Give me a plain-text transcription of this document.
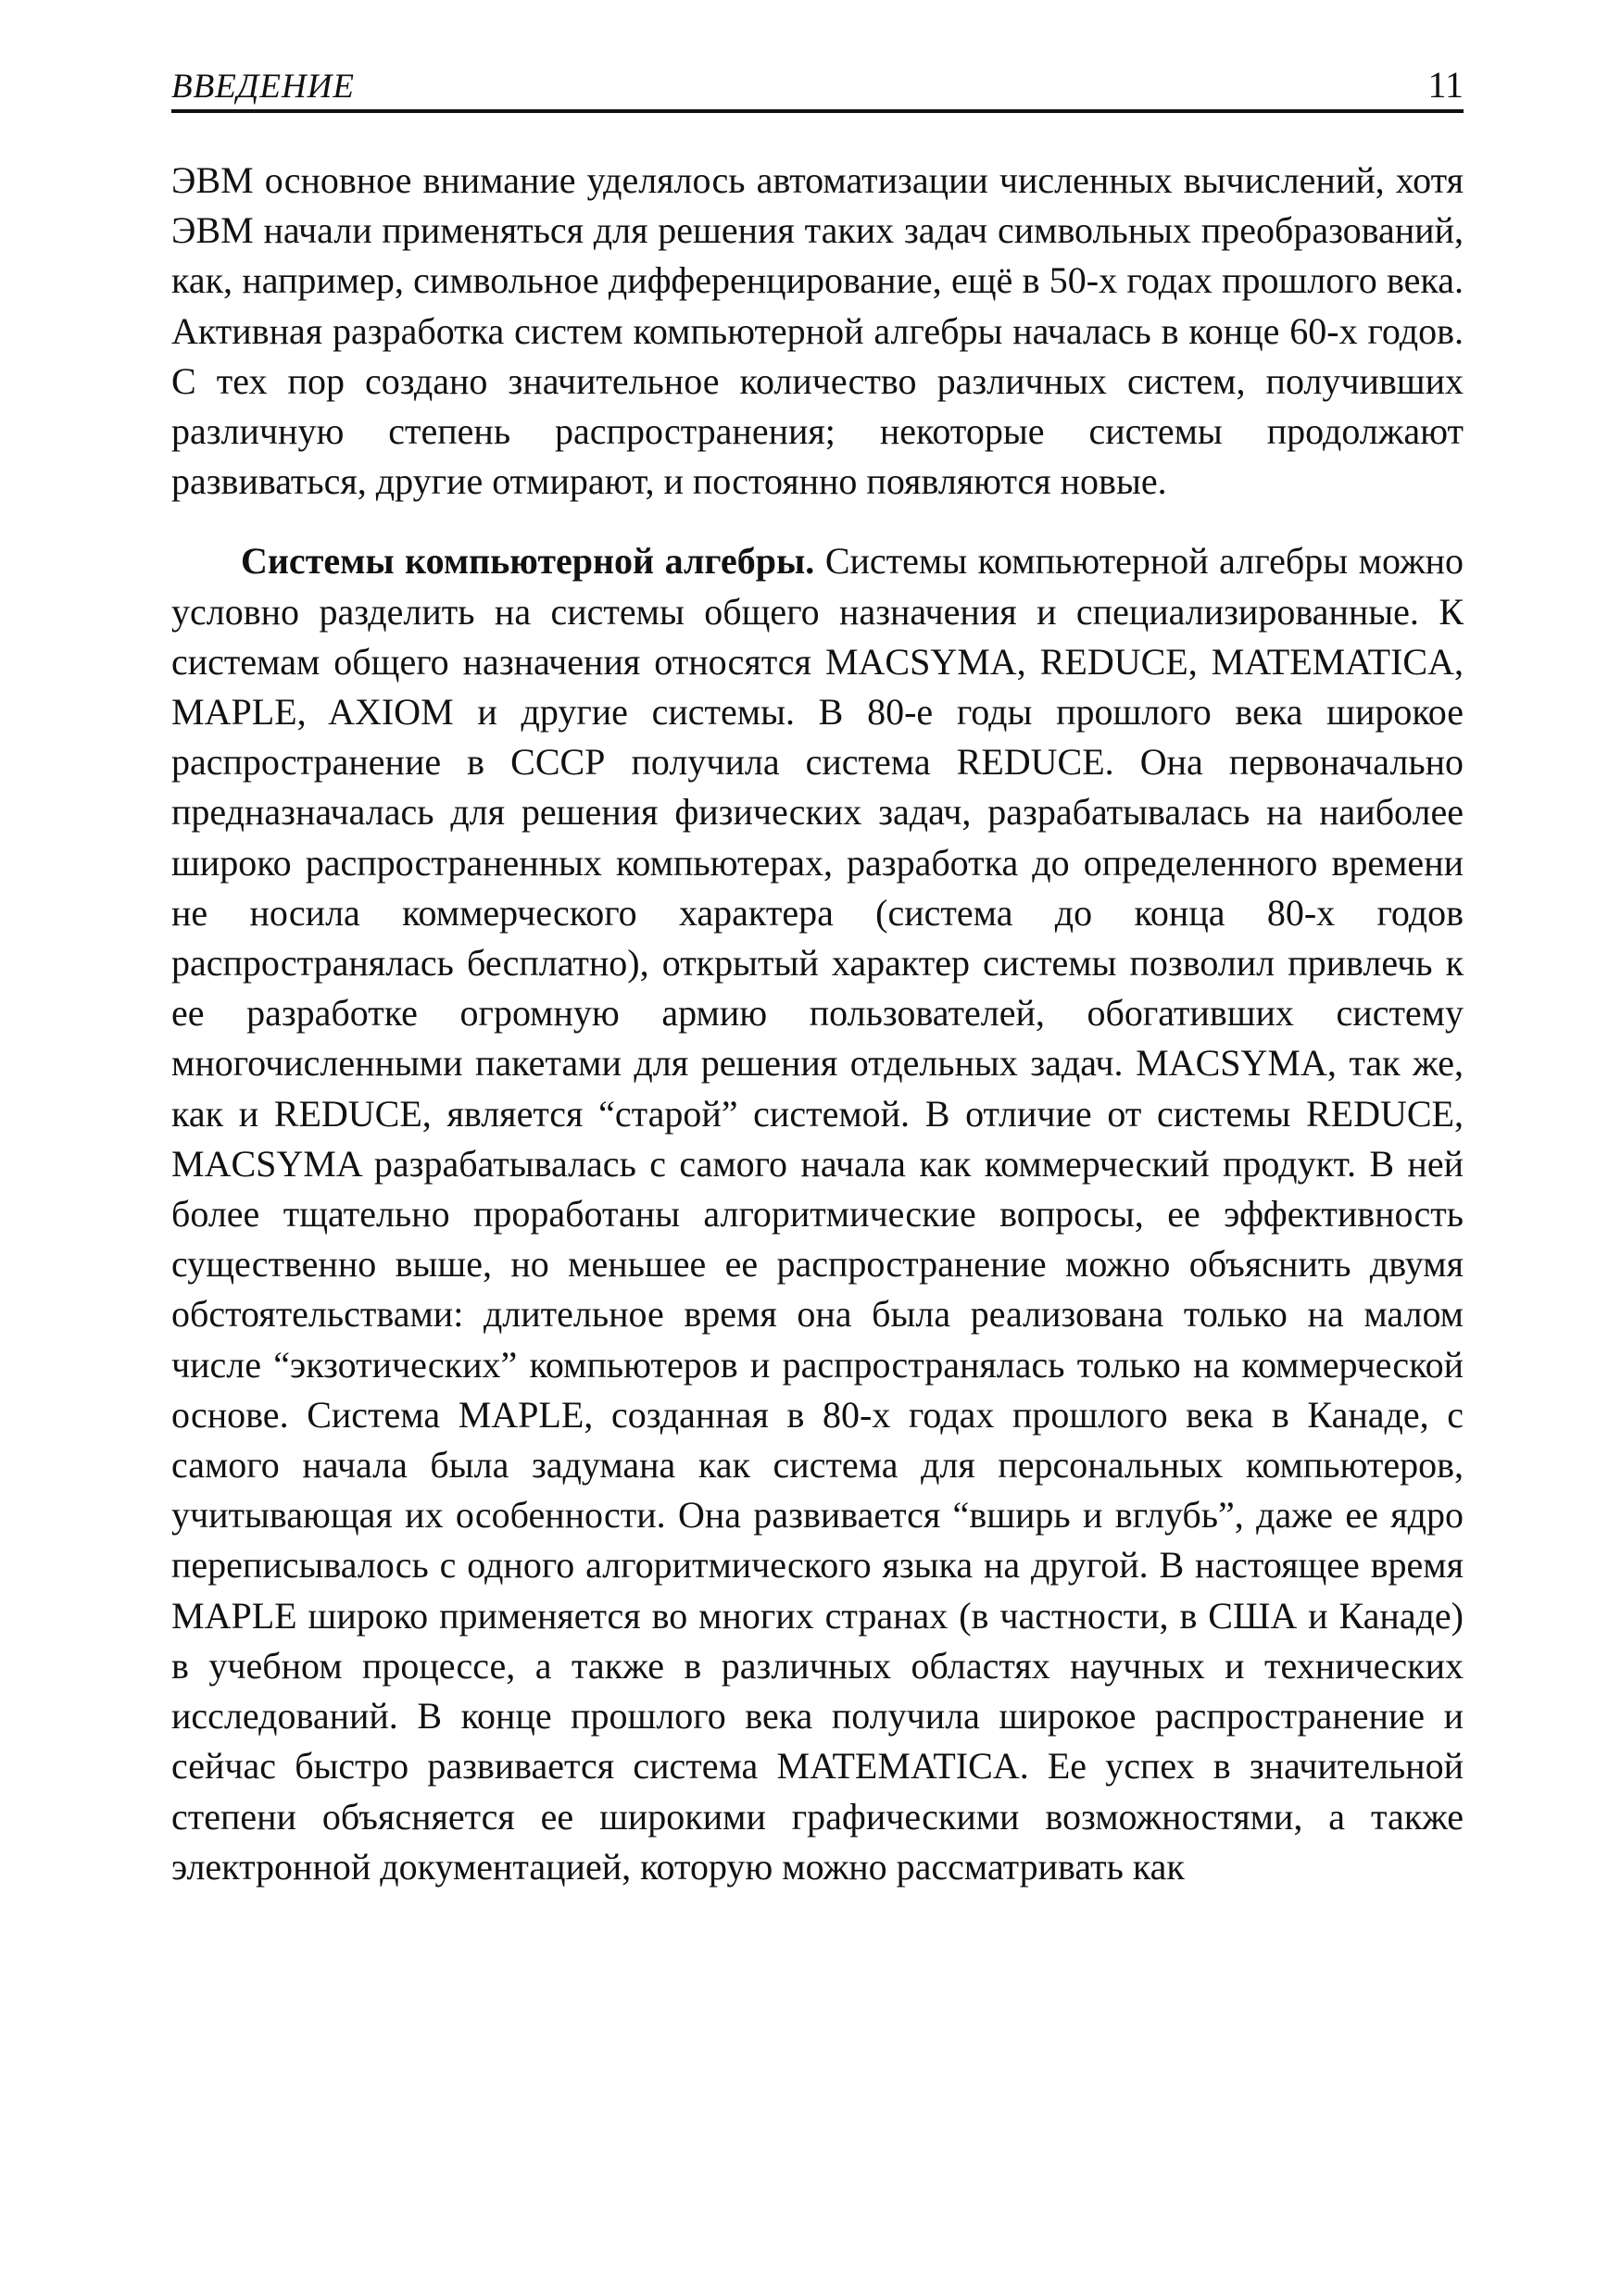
ВВЕДЕНИЕ	11

ЭВМ основное внимание уделялось автоматизации численных вычислений, хотя ЭВМ начали применяться для решения таких задач символьных преобразований, как, например, символьное дифференцирование, ещё в 50-х годах прошлого века. Активная разработка систем компьютерной алгебры началась в конце 60-х годов. С тех пор создано значительное количество различных систем, получивших различную степень распространения; некоторые системы продолжают развиваться, другие отмирают, и постоянно появляются новые.

Системы компьютерной алгебры. Системы компьютерной алгебры можно условно разделить на системы общего назначения и специализированные. К системам общего назначения относятся MACSYMA, REDUCE, MATEMATICA, MAPLE, AXIOM и другие системы. В 80-е годы прошлого века широкое распространение в СССР получила система REDUCE. Она первоначально предназначалась для решения физических задач, разрабатывалась на наиболее широко распространенных компьютерах, разработка до определенного времени не носила коммерческого характера (система до конца 80-х годов распространялась бесплатно), открытый характер системы позволил привлечь к ее разработке огромную армию пользователей, обогативших систему многочисленными пакетами для решения отдельных задач. MACSYMA, так же, как и REDUCE, является “старой” системой. В отличие от системы REDUCE, MACSYMA разрабатывалась с самого начала как коммерческий продукт. В ней более тщательно проработаны алгоритмические вопросы, ее эффективность существенно выше, но меньшее ее распространение можно объяснить двумя обстоятельствами: длительное время она была реализована только на малом числе “экзотических” компьютеров и распространялась только на коммерческой основе. Система MAPLE, созданная в 80-х годах прошлого века в Канаде, с самого начала была задумана как система для персональных компьютеров, учитывающая их особенности. Она развивается “вширь и вглубь”, даже ее ядро переписывалось с одного алгоритмического языка на другой. В настоящее время MAPLE широко применяется во многих странах (в частности, в США и Канаде) в учебном процессе, а также в различных областях научных и технических исследований. В конце прошлого века получила широкое распространение и сейчас быстро развивается система MATEMATICA. Ее успех в значительной степени объясняется ее широкими графическими возможностями, а также электронной документацией, которую можно рассматривать как
